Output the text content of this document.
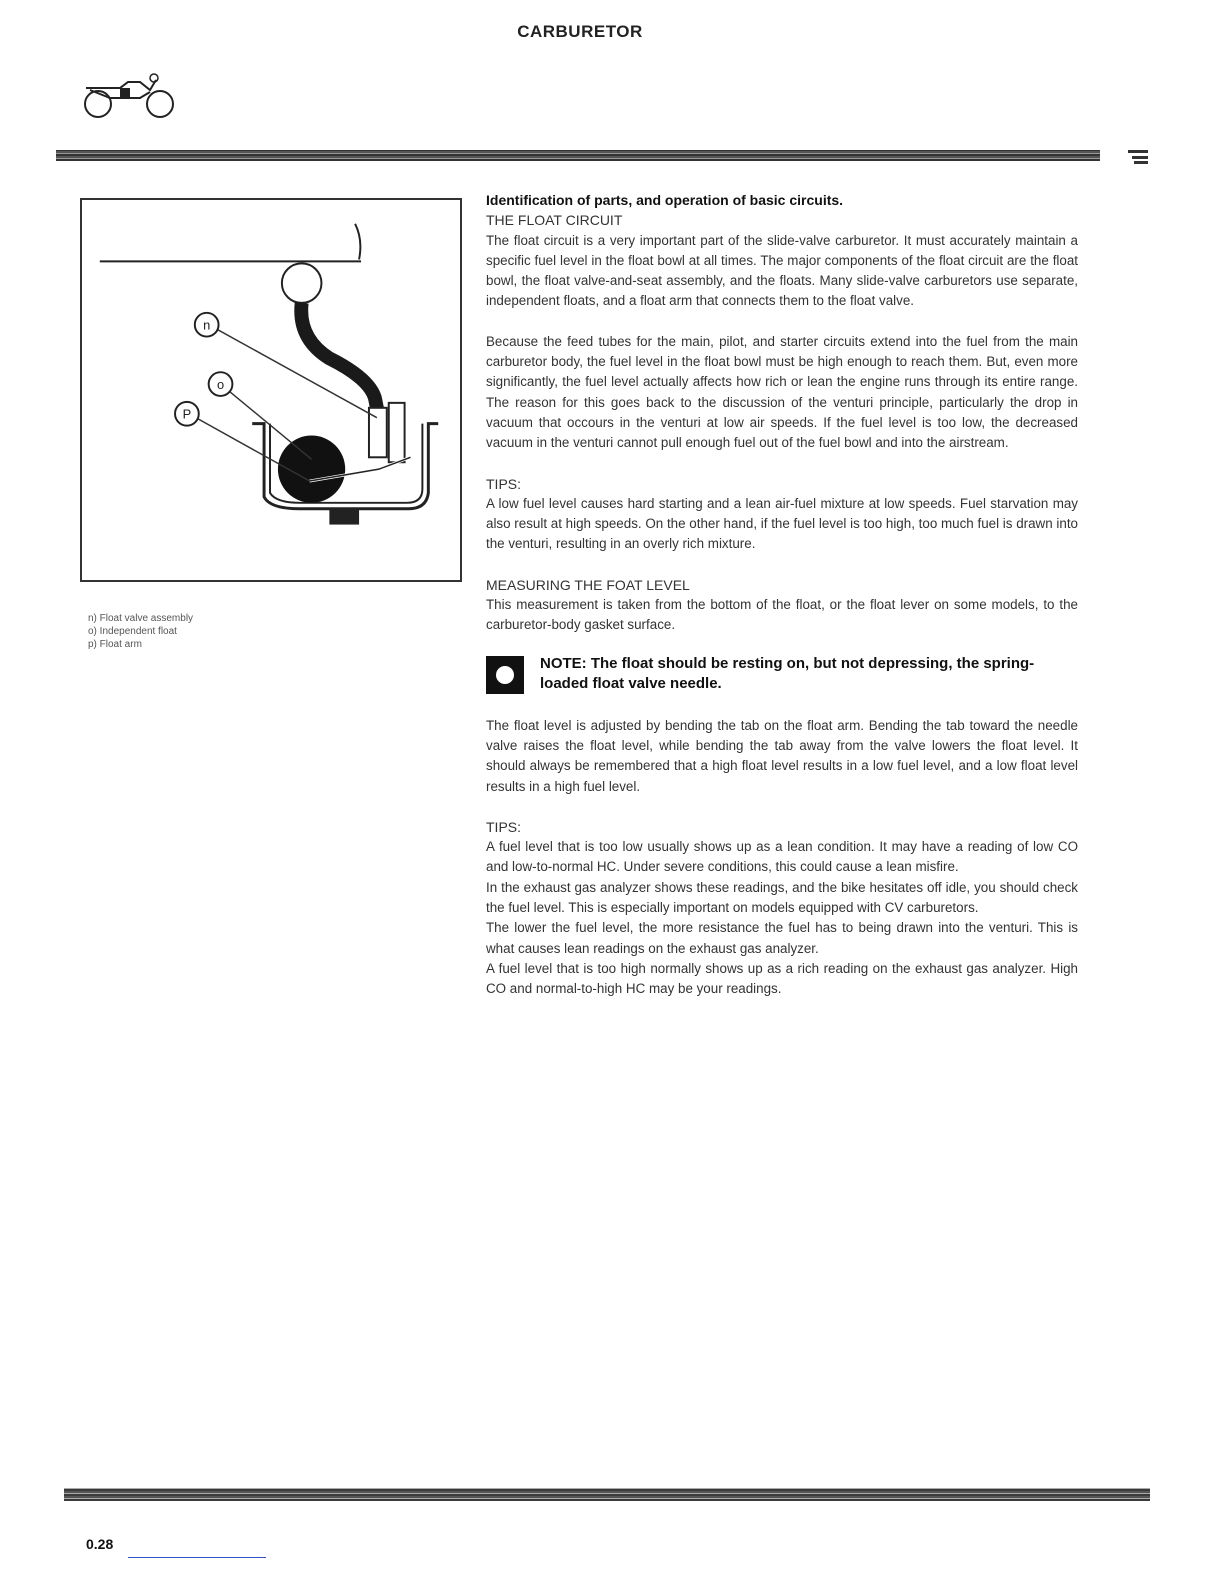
CARBURETOR
n
o
P
n) Float valve assembly
o) Independent float
p) Float arm

Identification of parts, and operation of basic circuits.

THE FLOAT CIRCUIT

The float circuit is a very important part of the slide-valve carburetor. It must accurately maintain a specific fuel level in the float bowl at all times. The major components of the float circuit are the float bowl, the float valve-and-seat assembly, and the floats. Many slide-valve carburetors use separate, independent floats, and a float arm that connects them to the float valve.

Because the feed tubes for the main, pilot, and starter circuits extend into the fuel from the main carburetor body, the fuel level in the float bowl must be high enough to reach them. But, even more significantly, the fuel level actually affects how rich or lean the engine runs through its entire range. The reason for this goes back to the discussion of the venturi principle, particularly the drop in vacuum that occours in the venturi at low air speeds. If the fuel level is too low, the decreased vacuum in the venturi cannot pull enough fuel out of the fuel bowl and into the airstream.

TIPS:

A low fuel level causes hard starting and a lean air-fuel mixture at low speeds. Fuel starvation may also result at high speeds. On the other hand, if the fuel level is too high, too much fuel is drawn into the venturi, resulting in an overly rich mixture.

MEASURING THE FOAT LEVEL

This measurement is taken from the bottom of the float, or the float lever on some models, to the carburetor-body gasket surface.

NOTE: The float should be resting on, but not depressing, the spring-loaded float valve needle.

The float level is adjusted by bending the tab on the float arm. Bending the tab toward the needle valve raises the float level, while bending the tab away from the valve lowers the float level. It should always be remembered that a high float level results in a low fuel level, and a low float level results in a high fuel level.

TIPS:

A fuel level that is too low usually shows up as a lean condition. It may have a reading of low CO and low-to-normal HC. Under severe conditions, this could cause a lean misfire.

In the exhaust gas analyzer shows these readings, and the bike hesitates off idle, you should check the fuel level. This is especially important on models equipped with CV carburetors.

The lower the fuel level, the more resistance the fuel has to being drawn into the venturi. This is what causes lean readings on the exhaust gas analyzer.

A fuel level that is too high normally shows up as a rich reading on the exhaust gas analyzer. High CO and normal-to-high HC may be your readings.

0.28
